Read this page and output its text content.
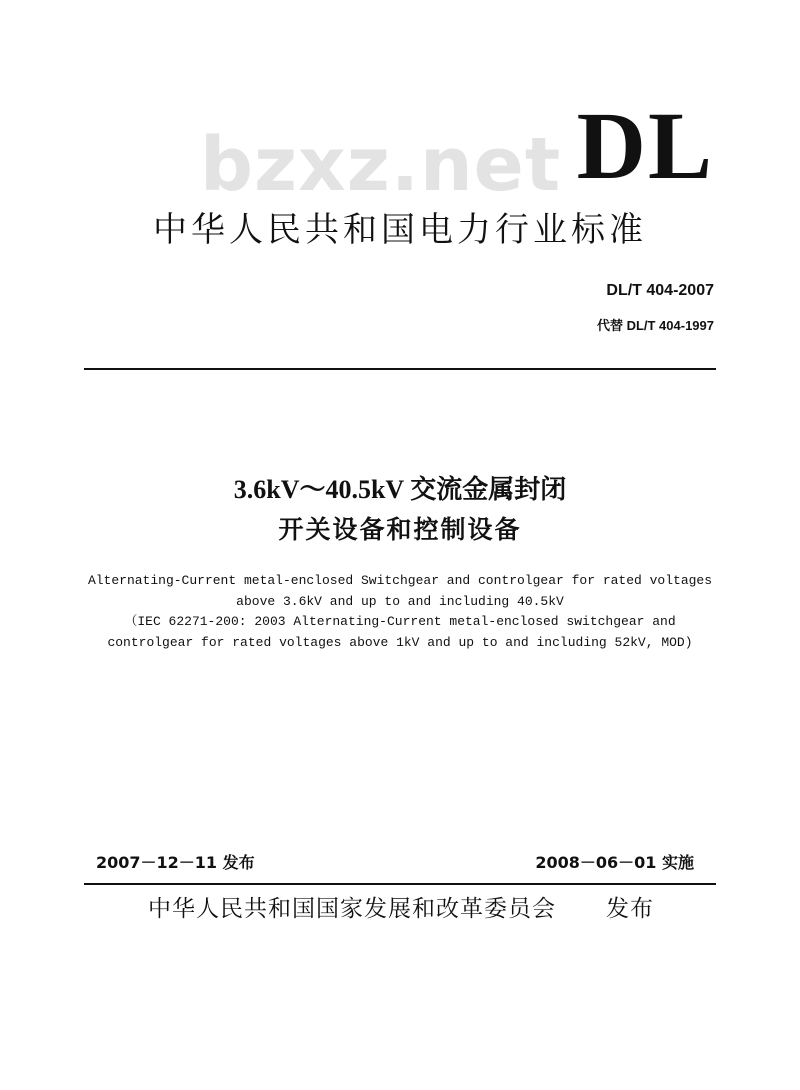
bzxz.net DL
中华人民共和国电力行业标准
DL/T 404-2007
代替 DL/T 404-1997
3.6kV～40.5kV 交流金属封闭
开关设备和控制设备
Alternating-Current metal-enclosed Switchgear and controlgear for rated voltages
above 3.6kV and up to and including 40.5kV
（IEC 62271-200: 2003 Alternating-Current metal-enclosed switchgear and
controlgear for rated voltages above 1kV and up to and including 52kV, MOD)
2007－12－11 发布	2008－06－01 实施
中华人民共和国国家发展和改革委员会 发布
